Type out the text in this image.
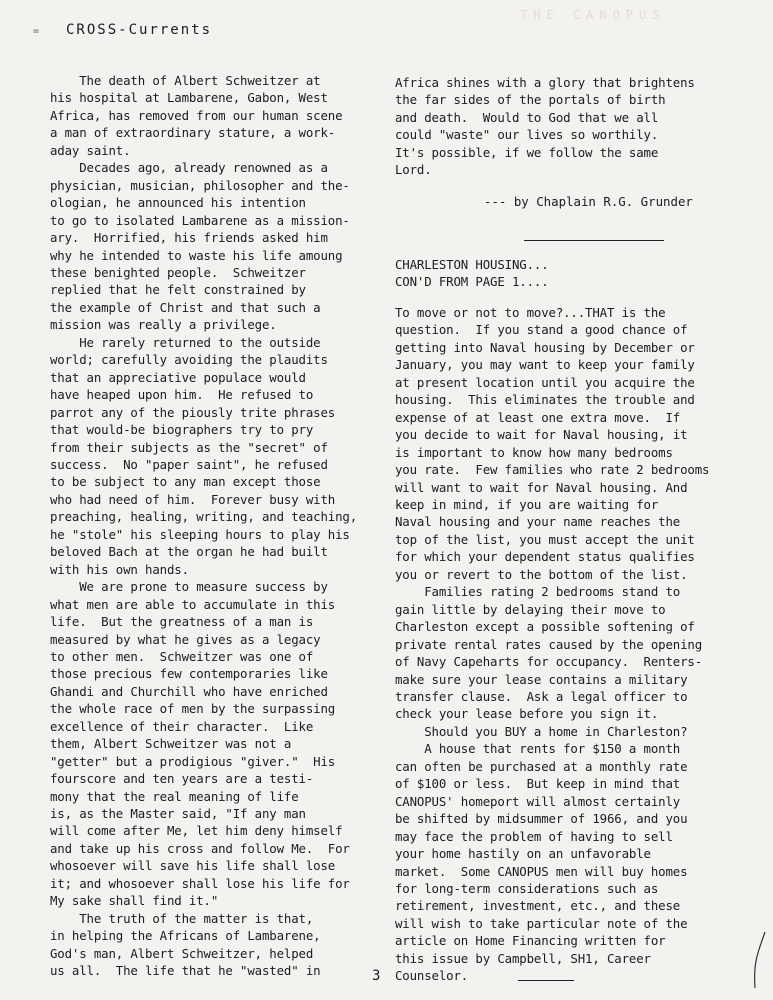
THE CANOPUS
= CROSS-Currents
The death of Albert Schweitzer at
his hospital at Lambarene, Gabon, West
Africa, has removed from our human scene
a man of extraordinary stature, a work-
aday saint.
Decades ago, already renowned as a
physician, musician, philosopher and the-
ologian, he announced his intention
to go to isolated Lambarene as a mission-
ary.  Horrified, his friends asked him
why he intended to waste his life amoung
these benighted people.  Schweitzer
replied that he felt constrained by
the example of Christ and that such a
mission was really a privilege.
He rarely returned to the outside
world; carefully avoiding the plaudits
that an appreciative populace would
have heaped upon him.  He refused to
parrot any of the piously trite phrases
that would-be biographers try to pry
from their subjects as the "secret" of
success.  No "paper saint", he refused
to be subject to any man except those
who had need of him.  Forever busy with
preaching, healing, writing, and teaching,
he "stole" his sleeping hours to play his
beloved Bach at the organ he had built
with his own hands.
We are prone to measure success by
what men are able to accumulate in this
life.  But the greatness of a man is
measured by what he gives as a legacy
to other men.  Schweitzer was one of
those precious few contemporaries like
Ghandi and Churchill who have enriched
the whole race of men by the surpassing
excellence of their character.  Like
them, Albert Schweitzer was not a
"getter" but a prodigious "giver."  His
fourscore and ten years are a testi-
mony that the real meaning of life
is, as the Master said, "If any man
will come after Me, let him deny himself
and take up his cross and follow Me.  For
whosoever will save his life shall lose
it; and whosoever shall lose his life for
My sake shall find it."
The truth of the matter is that,
in helping the Africans of Lambarene,
God's man, Albert Schweitzer, helped
us all.  The life that he "wasted" in
Africa shines with a glory that brightens
the far sides of the portals of birth
and death.  Would to God that we all
could "waste" our lives so worthily.
It's possible, if we follow the same
Lord.
--- by Chaplain R.G. Grunder
CHARLESTON HOUSING...
CON'D FROM PAGE 1....
To move or not to move?...THAT is the
question.  If you stand a good chance of
getting into Naval housing by December or
January, you may want to keep your family
at present location until you acquire the
housing.  This eliminates the trouble and
expense of at least one extra move.  If
you decide to wait for Naval housing, it
is important to know how many bedrooms
you rate.  Few families who rate 2 bedrooms
will want to wait for Naval housing. And
keep in mind, if you are waiting for
Naval housing and your name reaches the
top of the list, you must accept the unit
for which your dependent status qualifies
you or revert to the bottom of the list.
Families rating 2 bedrooms stand to
gain little by delaying their move to
Charleston except a possible softening of
private rental rates caused by the opening
of Navy Capeharts for occupancy.  Renters-
make sure your lease contains a military
transfer clause.  Ask a legal officer to
check your lease before you sign it.
Should you BUY a home in Charleston?
A house that rents for $150 a month
can often be purchased at a monthly rate
of $100 or less.  But keep in mind that
CANOPUS' homeport will almost certainly
be shifted by midsummer of 1966, and you
may face the problem of having to sell
your home hastily on an unfavorable
market.  Some CANOPUS men will buy homes
for long-term considerations such as
retirement, investment, etc., and these
will wish to take particular note of the
article on Home Financing written for
this issue by Campbell, SH1, Career
Counselor.
3
